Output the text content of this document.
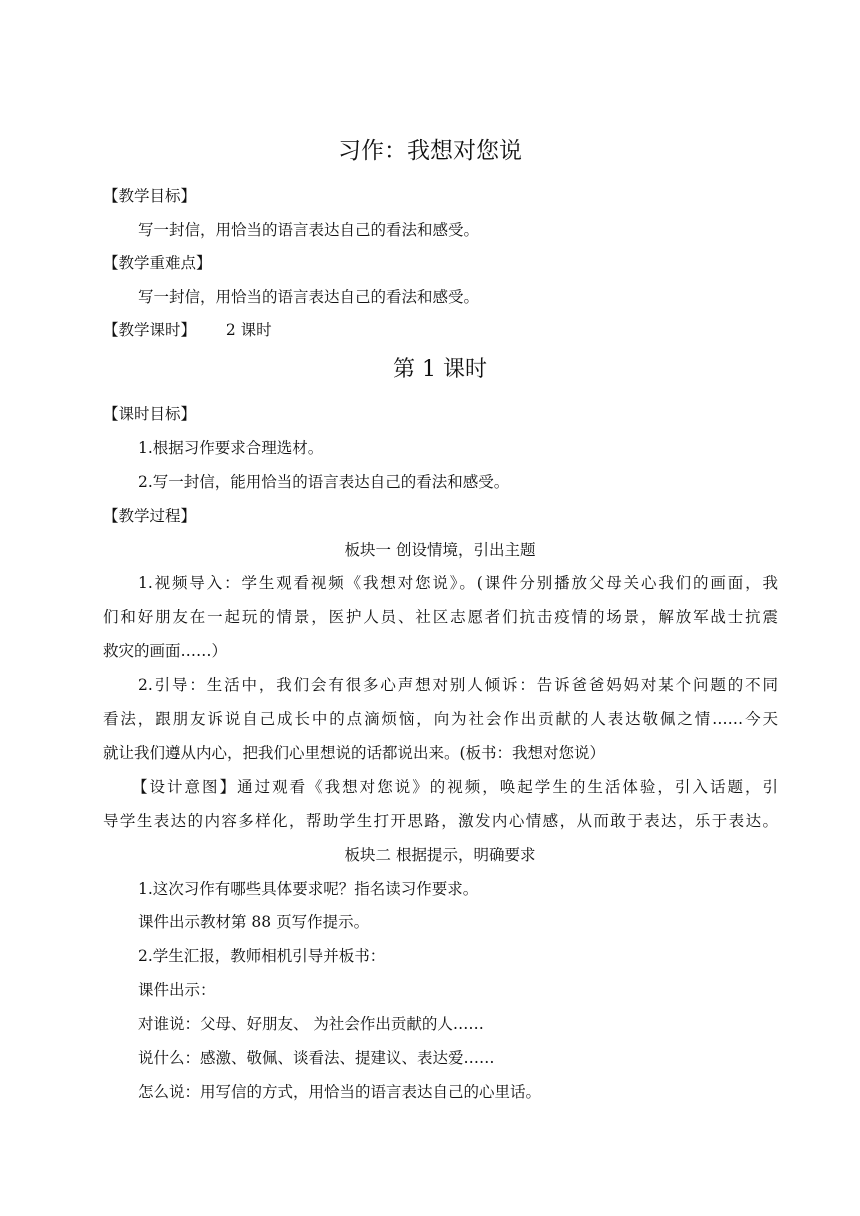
习作：我想对您说
【教学目标】
写一封信，用恰当的语言表达自己的看法和感受。
【教学重难点】
写一封信，用恰当的语言表达自己的看法和感受。
【教学课时】 2 课时
第 1 课时
【课时目标】
1.根据习作要求合理选材。
2.写一封信，能用恰当的语言表达自己的看法和感受。
【教学过程】
板块一 创设情境，引出主题
1.视频导入：学生观看视频《我想对您说》。(课件分别播放父母关心我们的画面，我
们和好朋友在一起玩的情景，医护人员、社区志愿者们抗击疫情的场景，解放军战士抗震
救灾的画面……）
2.引导：生活中，我们会有很多心声想对别人倾诉：告诉爸爸妈妈对某个问题的不同
看法，跟朋友诉说自己成长中的点滴烦恼，向为社会作出贡献的人表达敬佩之情……今天
就让我们遵从内心，把我们心里想说的话都说出来。(板书：我想对您说）
【设计意图】通过观看《我想对您说》的视频，唤起学生的生活体验，引入话题，引
导学生表达的内容多样化，帮助学生打开思路，激发内心情感，从而敢于表达，乐于表达。
板块二 根据提示，明确要求
1.这次习作有哪些具体要求呢？指名读习作要求。
课件出示教材第 88 页写作提示。
2.学生汇报，教师相机引导并板书：
课件出示：
对谁说：父母、好朋友、 为社会作出贡献的人……
说什么：感激、敬佩、谈看法、提建议、表达爱……
怎么说：用写信的方式，用恰当的语言表达自己的心里话。
